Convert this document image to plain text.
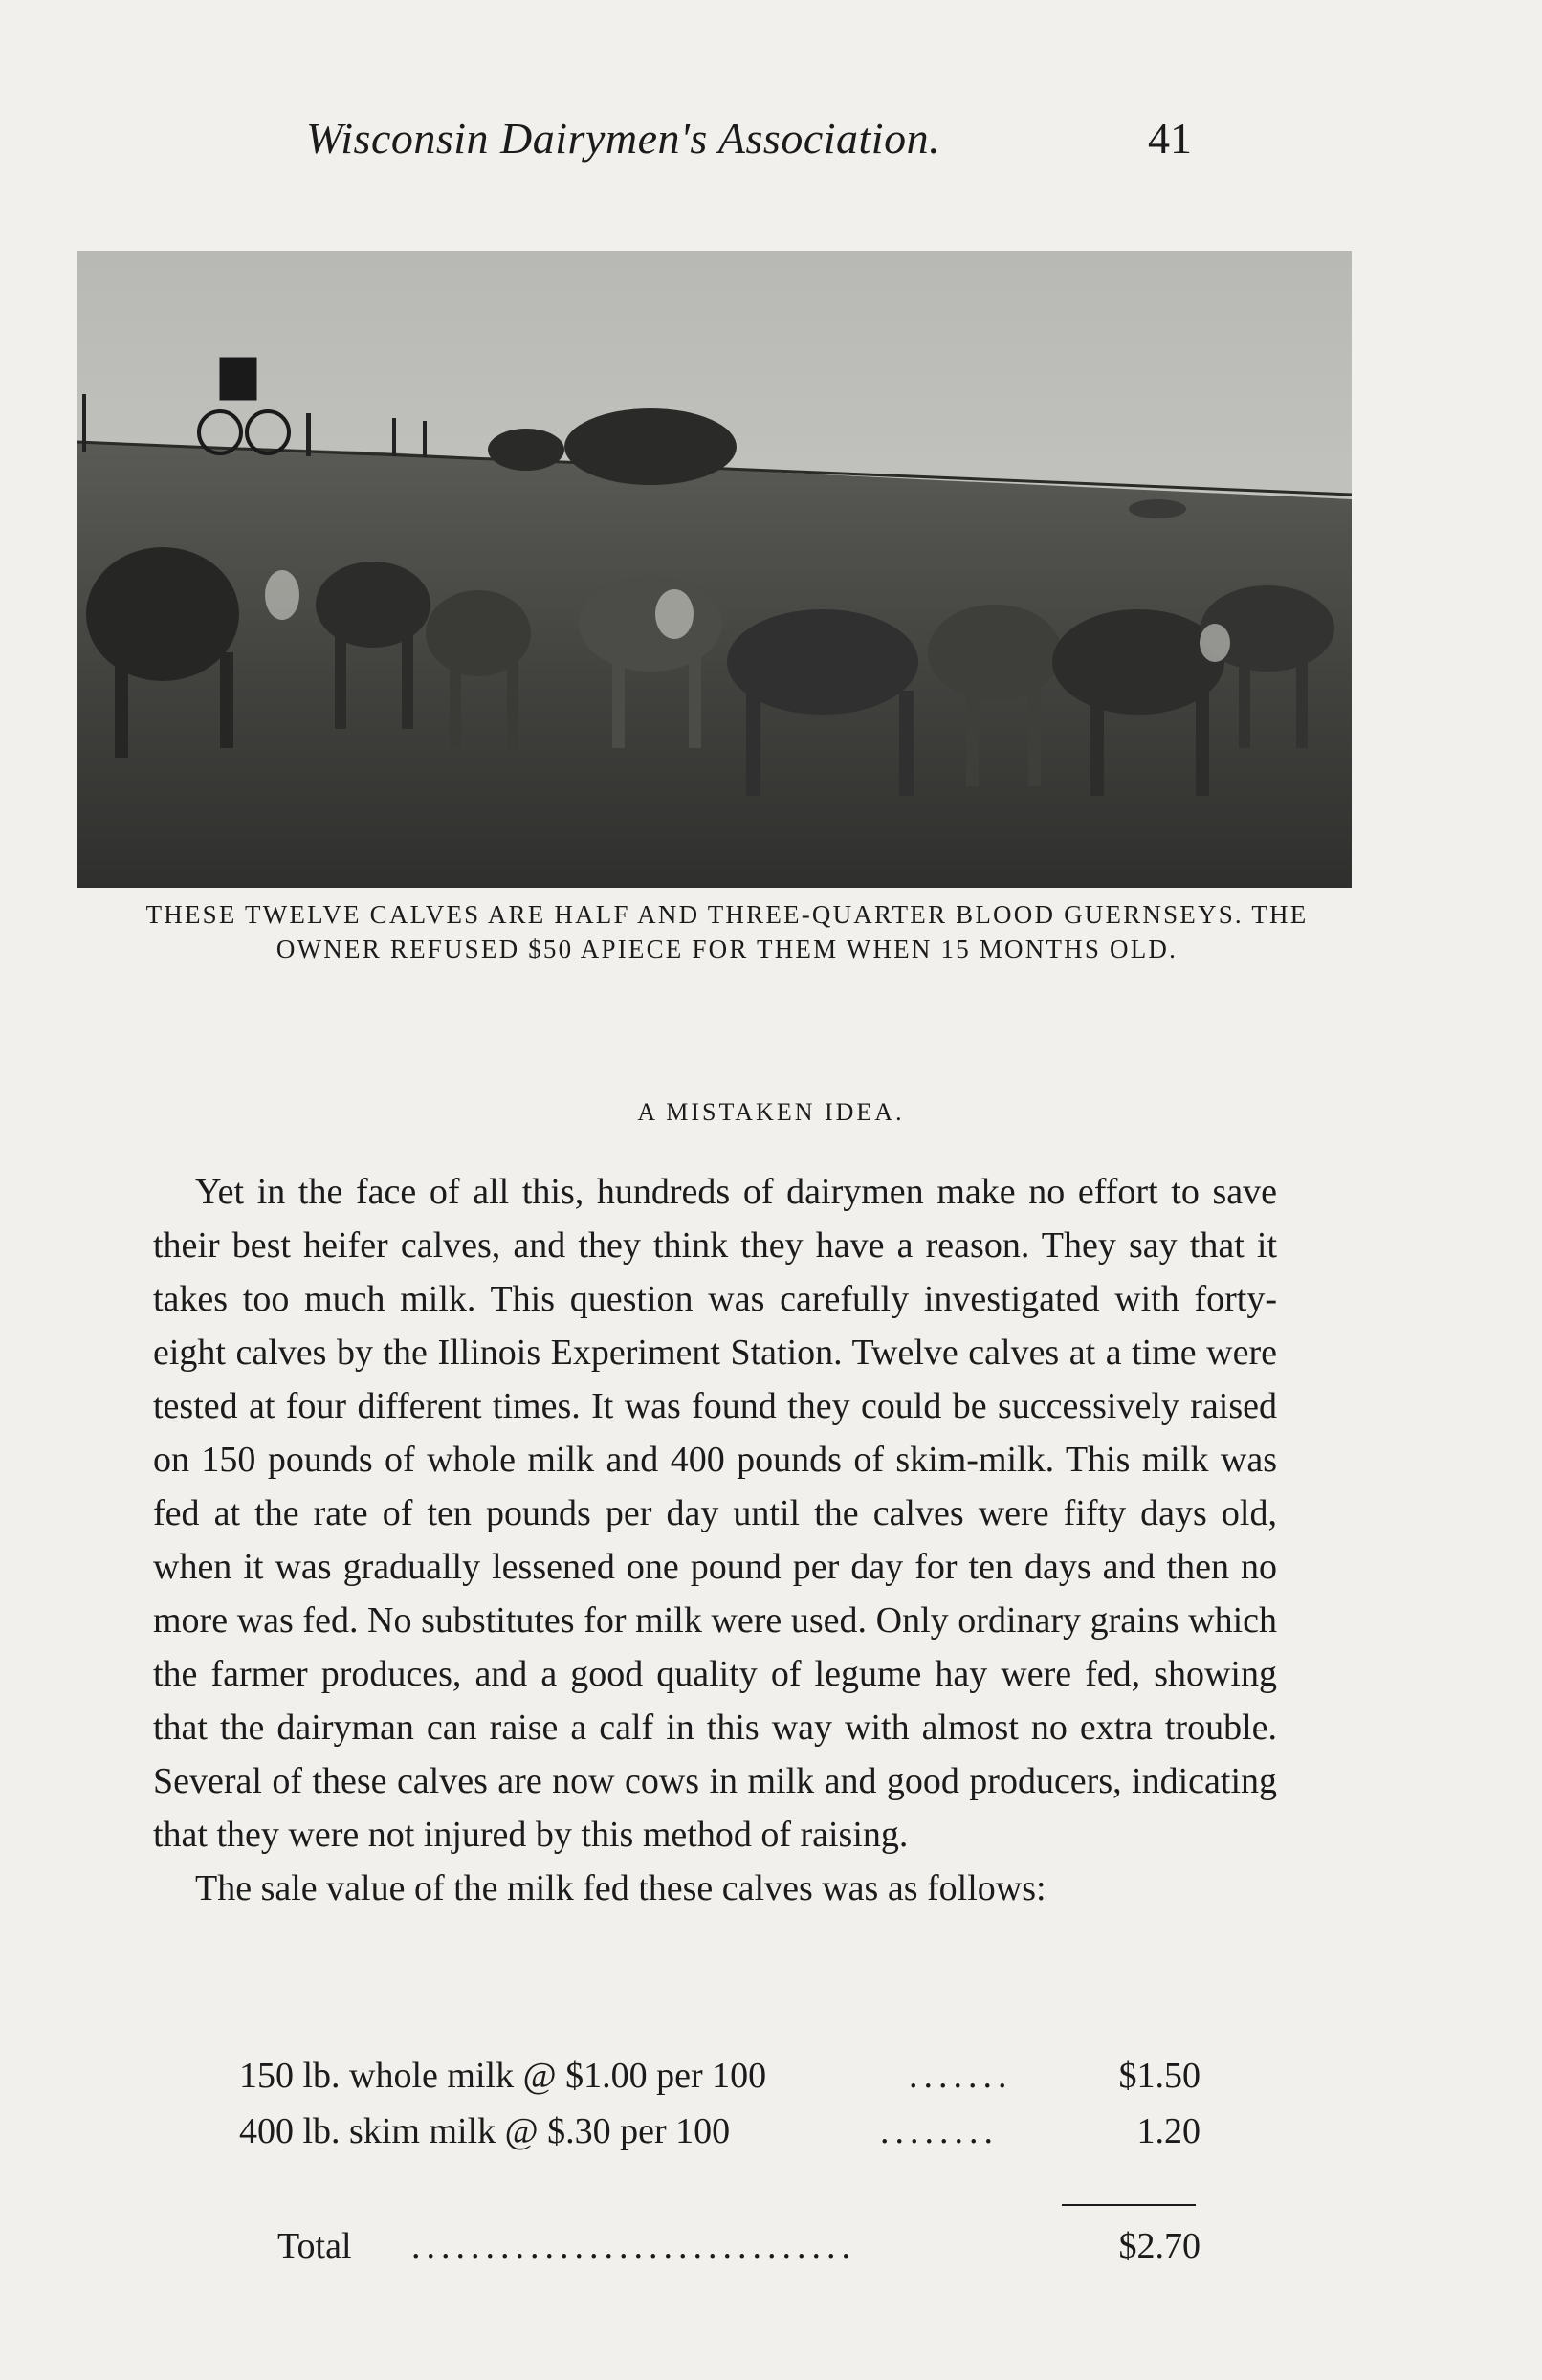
Wisconsin Dairymen's Association.	41
THESE TWELVE CALVES ARE HALF AND THREE-QUARTER BLOOD GUERNSEYS. THE OWNER REFUSED $50 APIECE FOR THEM WHEN 15 MONTHS OLD.
A MISTAKEN IDEA.

Yet in the face of all this, hundreds of dairymen make no effort to save their best heifer calves, and they think they have a reason. They say that it takes too much milk. This question was carefully investigated with forty-eight calves by the Illinois Experiment Station. Twelve calves at a time were tested at four different times. It was found they could be successively raised on 150 pounds of whole milk and 400 pounds of skim-milk. This milk was fed at the rate of ten pounds per day until the calves were fifty days old, when it was gradually lessened one pound per day for ten days and then no more was fed. No substitutes for milk were used. Only ordinary grains which the farmer produces, and a good quality of legume hay were fed, showing that the dairyman can raise a calf in this way with almost no extra trouble. Several of these calves are now cows in milk and good producers, indicating that they were not injured by this method of raising.

The sale value of the milk fed these calves was as follows:

150 lb. whole milk @ $1.00 per 100	.......	$1.50
400 lb. skim milk @ $.30 per 100	........	1.20
Total ..............................	$2.70
